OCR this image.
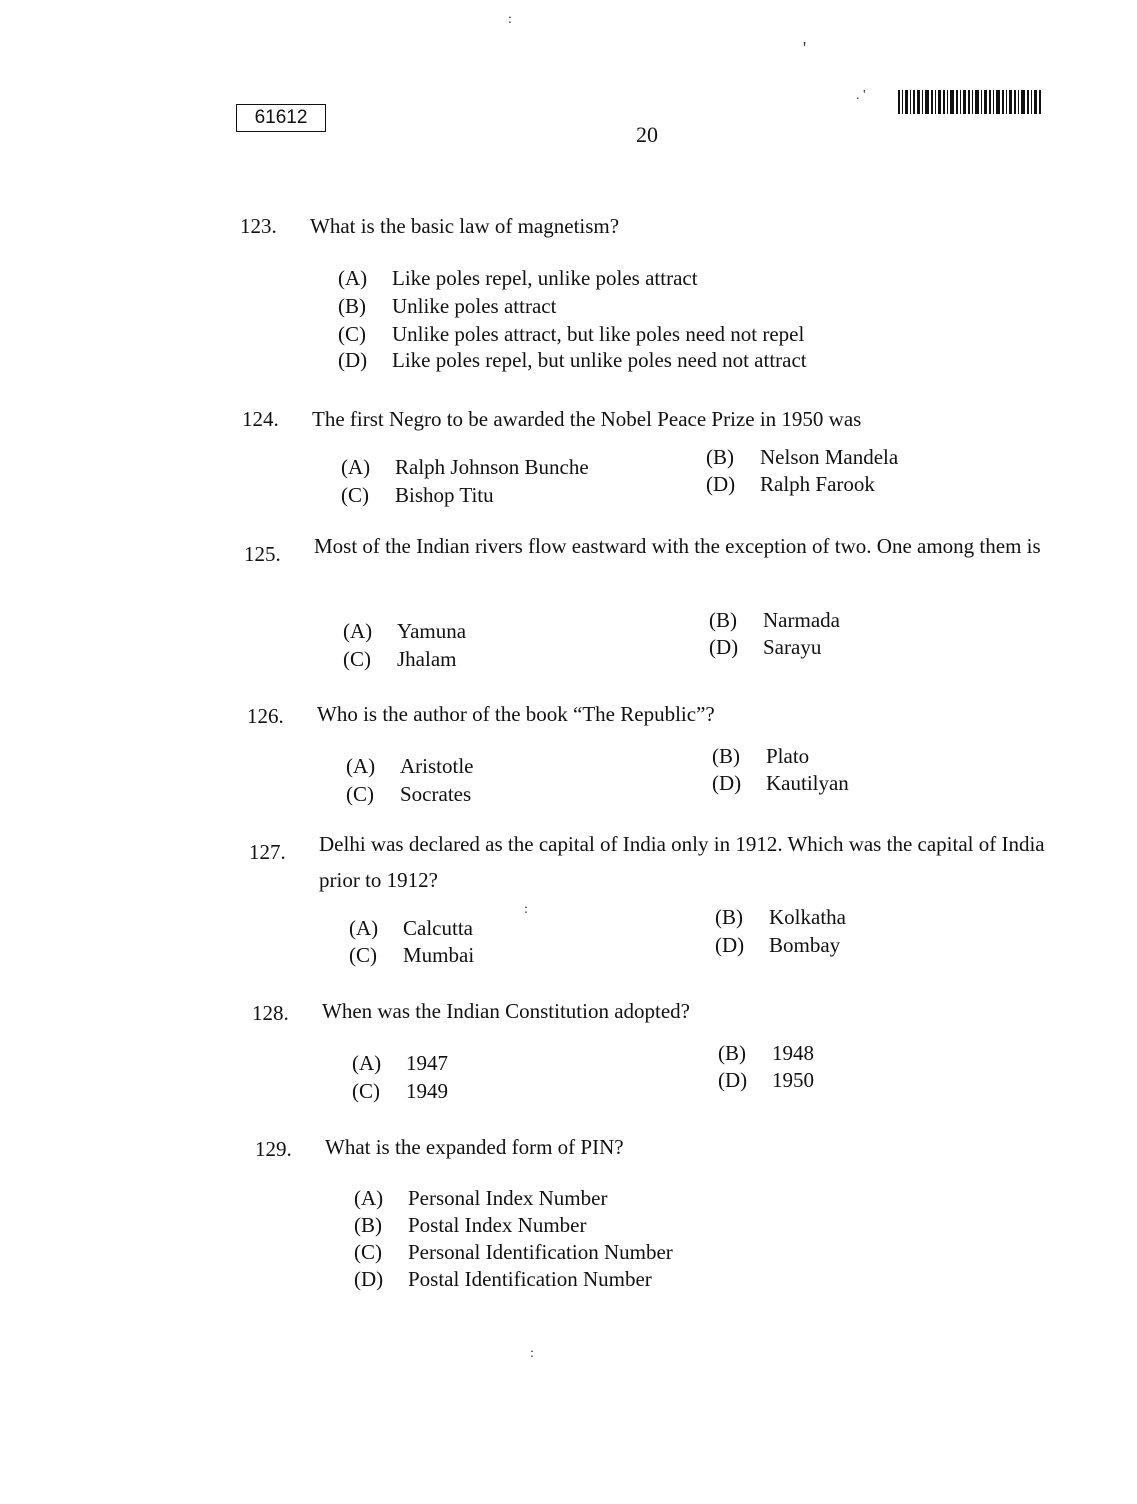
61612
20
123.	What is the basic law of magnetism?
(A) Like poles repel, unlike poles attract
(B) Unlike poles attract
(C) Unlike poles attract, but like poles need not repel
(D) Like poles repel, but unlike poles need not attract
124.	The first Negro to be awarded the Nobel Peace Prize in 1950 was
(A) Ralph Johnson Bunche	(B) Nelson Mandela
(C) Bishop Titu	(D) Ralph Farook
125.	Most of the Indian rivers flow eastward with the exception of two. One among them is
(A) Yamuna	(B) Narmada
(C) Jhalam	(D) Sarayu
126.	Who is the author of the book “The Republic”?
(A) Aristotle	(B) Plato
(C) Socrates	(D) Kautilyan
127.	Delhi was declared as the capital of India only in 1912. Which was the capital of India prior to 1912?
(A) Calcutta	(B) Kolkatha
(C) Mumbai	(D) Bombay
128.	When was the Indian Constitution adopted?
(A) 1947	(B) 1948
(C) 1949	(D) 1950
129.	What is the expanded form of PIN?
(A) Personal Index Number
(B) Postal Index Number
(C) Personal Identification Number
(D) Postal Identification Number
:
'
. '
:
:
